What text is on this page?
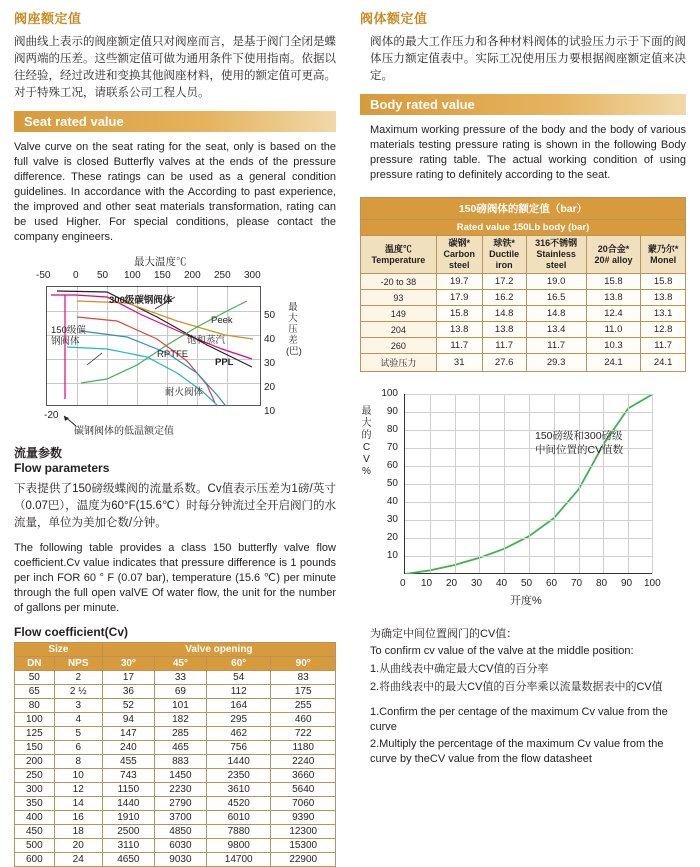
阀座额定值

阀曲线上表示的阀座额定值只对阀座而言，是基于阀门全闭是蝶阀两端的压差。这些额定值可做为通用条件下使用指南。依据以往经验，经过改进和变换其他阀座材料，使用的额定值可更高。对于特殊工况，请联系公司工程人员。

Seat rated value

Valve curve on the seat rating for the seat, only is based on the full valve is closed Butterfly valves at the ends of the pressure difference. These ratings can be used as a general condition guidelines. In accordance with the According to past experience, the improved and other seat materials transformation, rating can be used Higher. For special conditions, please contact the company engineers.

最大温度℃
-50 0 50 100 150 200 250 300
300级碳钢阀体
150级碳钢阀体
Peek
饱和蒸汽
RPTFE
PPL
耐火阀体
50
40
30
20
10
最大压差(巴)
-20
碳钢阀体的低温额定值
流量参数
Flow parameters

下表提供了150磅级蝶阀的流量系数。Cv值表示压差为1磅/英寸（0.07巴），温度为60°F(15.6℃）时每分钟流过全开启阀门的水流量，单位为美加仑数/分钟。

The following table provides a class 150 butterfly valve flow coefficient.Cv value indicates that pressure difference is 1 pounds per inch FOR 60 ° F (0.07 bar), temperature (15.6 ℃) per minute through the full open valVE Of water flow, the unit for the number of gallons per minute.

Flow coefficient(Cv)
Size		Valve opening			
DN	NPS	30°	45°	60°	90°
50	2	17	33	54	83
65	2 ½	36	69	112	175
80	3	52	101	164	255
100	4	94	182	295	460
125	5	147	285	462	722
150	6	240	465	756	1180
200	8	455	883	1440	2240
250	10	743	1450	2350	3660
300	12	1150	2230	3610	5640
350	14	1440	2790	4520	7060
400	16	1910	3700	6010	9390
450	18	2500	4850	7880	12300
500	20	3110	6030	9800	15300
600	24	4650	9030	14700	22900
阀体额定值

阀体的最大工作压力和各种材料阀体的试验压力示于下面的阀体压力额定值表中。实际工况使用压力要根据阀座额定值来决定。

Body rated value

Maximum working pressure of the body and the body of various materials testing pressure rating is shown in the following Body pressure rating table. The actual working condition of using pressure rating to definitely according to the seat.

150磅阀体的额定值（bar）					
Rated value 150Lb body (bar)					

温度℃
Temperature	碳钢*
Carbon
steel	球铁*
Ductile
iron	316不锈钢
Stainless
steel	20合金*
20# alloy	蒙乃尔*
Monel

-20 to 38	19.7	17.2	19.0	15.8	15.8
93	17.9	16.2	16.5	13.8	13.8
149	15.8	14.8	14.8	12.4	13.1
204	13.8	13.8	13.4	11.0	12.8
260	11.7	11.7	11.7	10.3	11.7
试验压力	31	27.6	29.3	24.1	24.1
最
大
的
C
V
%
100
90
80
70
60
50
40
30
20
10
150磅级和300磅级
中间位置的CV值数
0 10 20 30 40 50 60 70 80 90 100
开度%
为确定中间位置阀门的CV值：
To confirm cv value of the valve at the middle position:
1.从曲线表中确定最大CV值的百分率
2.将曲线表中的最大CV值的百分率乘以流量数据表中的CV值
1.Confirm the per centage of the maximum Cv value from the curve
2.Multiply the percentage of the maximum Cv value from the curve by theCV value from the flow datasheet
